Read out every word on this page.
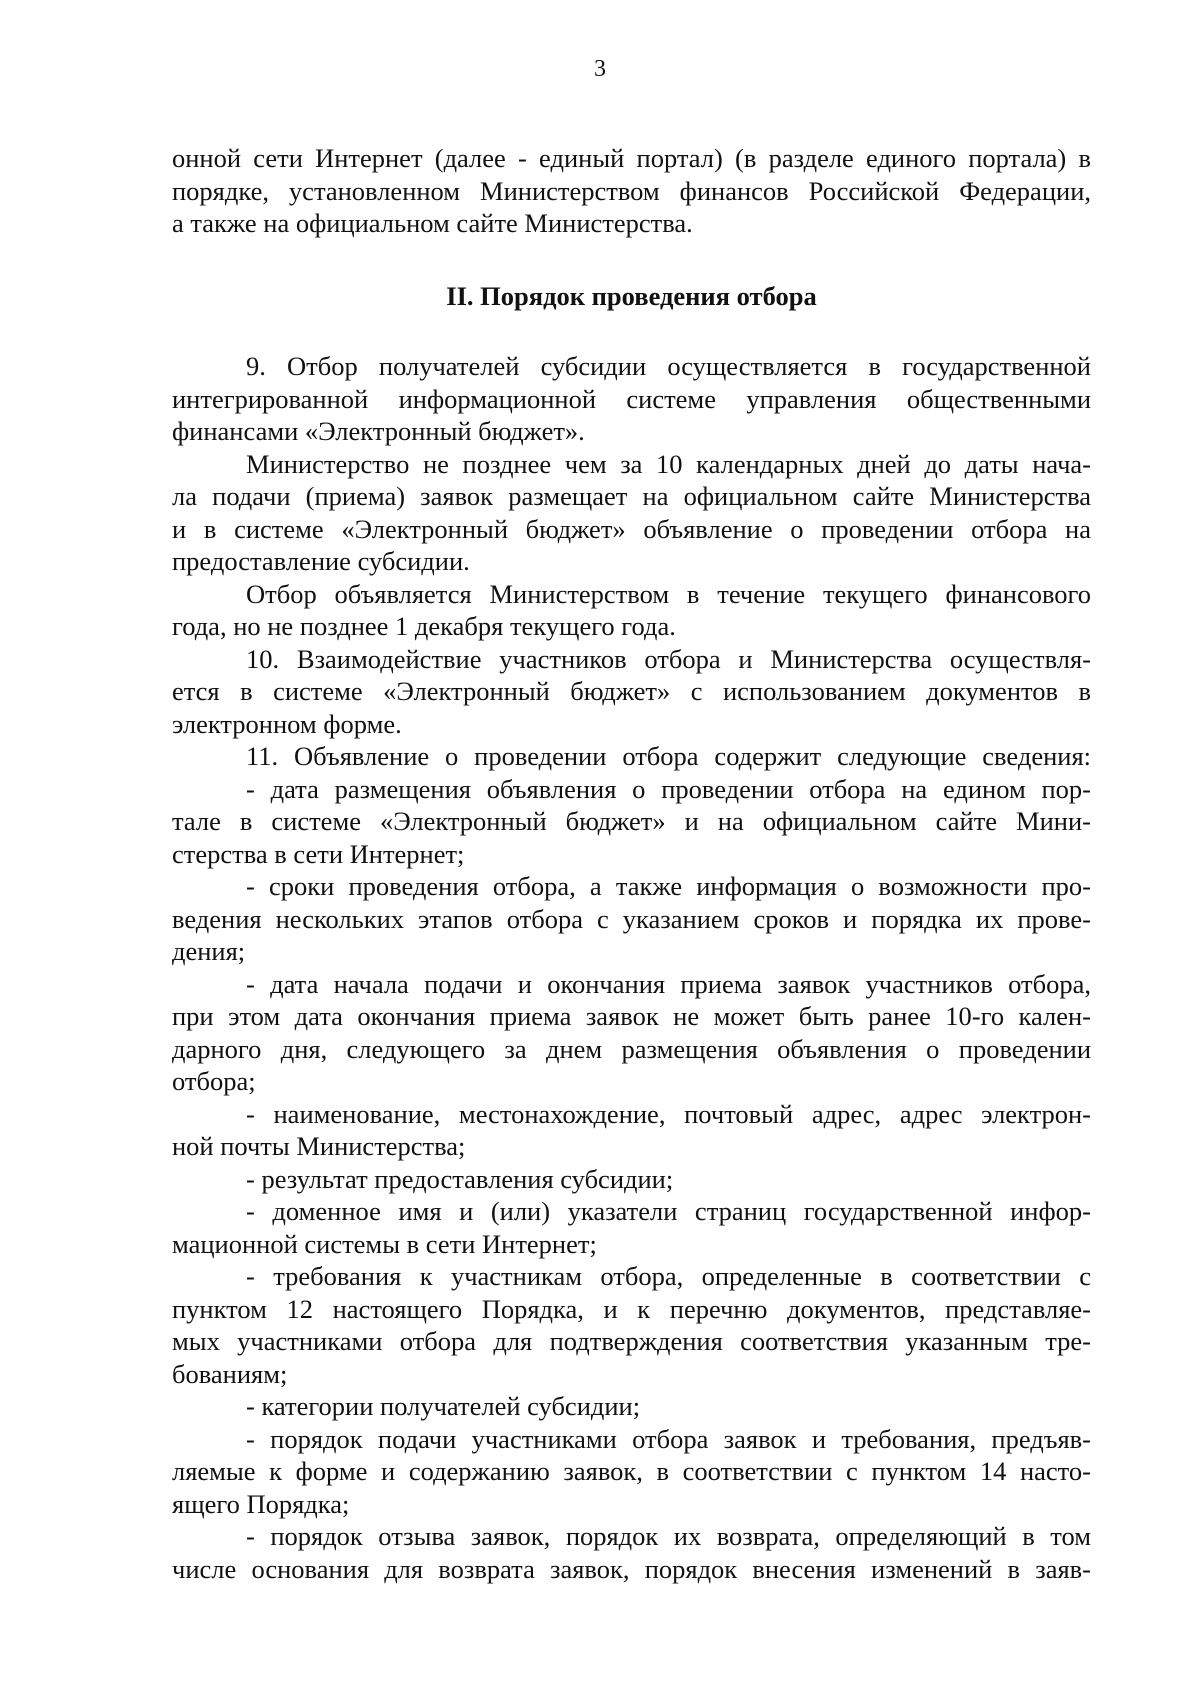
3
онной сети Интернет (далее - единый портал) (в разделе единого портала) в
порядке, установленном Министерством финансов Российской Федерации,
а также на официальном сайте Министерства.
II. Порядок проведения отбора
9. Отбор получателей субсидии осуществляется в государственной
интегрированной информационной системе управления общественными
финансами «Электронный бюджет».
Министерство не позднее чем за 10 календарных дней до даты нача-
ла подачи (приема) заявок размещает на официальном сайте Министерства
и в системе «Электронный бюджет» объявление о проведении отбора на
предоставление субсидии.
Отбор объявляется Министерством в течение текущего финансового
года, но не позднее 1 декабря текущего года.
10. Взаимодействие участников отбора и Министерства осуществля-
ется в системе «Электронный бюджет» с использованием документов в
электронном форме.
11. Объявление о проведении отбора содержит следующие сведения:
- дата размещения объявления о проведении отбора на едином пор-
тале в системе «Электронный бюджет» и на официальном сайте Мини-
стерства в сети Интернет;
- сроки проведения отбора, а также информация о возможности про-
ведения нескольких этапов отбора с указанием сроков и порядка их прове-
дения;
- дата начала подачи и окончания приема заявок участников отбора,
при этом дата окончания приема заявок не может быть ранее 10-го кален-
дарного дня, следующего за днем размещения объявления о проведении
отбора;
- наименование, местонахождение, почтовый адрес, адрес электрон-
ной почты Министерства;
- результат предоставления субсидии;
- доменное имя и (или) указатели страниц государственной инфор-
мационной системы в сети Интернет;
- требования к участникам отбора, определенные в соответствии с
пунктом 12 настоящего Порядка, и к перечню документов, представляе-
мых участниками отбора для подтверждения соответствия указанным тре-
бованиям;
- категории получателей субсидии;
- порядок подачи участниками отбора заявок и требования, предъяв-
ляемые к форме и содержанию заявок, в соответствии с пунктом 14 насто-
ящего Порядка;
- порядок отзыва заявок, порядок их возврата, определяющий в том
числе основания для возврата заявок, порядок внесения изменений в заяв-
